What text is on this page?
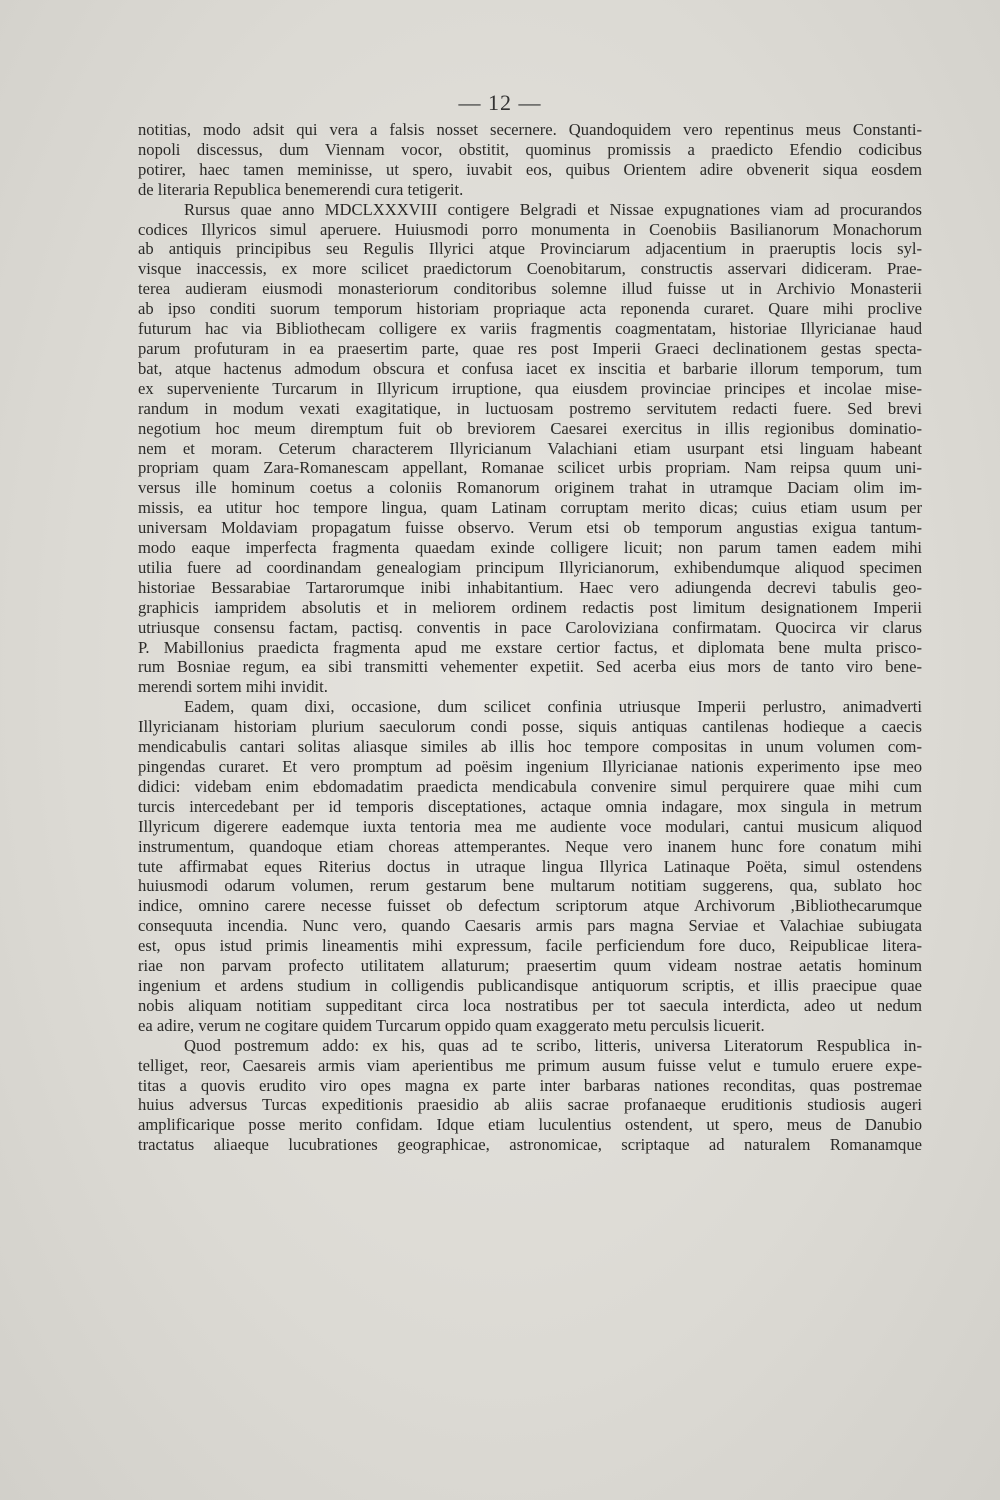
— 12 —
notitias, modo adsit qui vera a falsis nosset secernere. Quandoquidem vero repentinus meus Constanti-
nopoli discessus, dum Viennam vocor, obstitit, quominus promissis a praedicto Efendio codicibus
potirer, haec tamen meminisse, ut spero, iuvabit eos, quibus Orientem adire obvenerit siqua eosdem
de literaria Republica benemerendi cura tetigerit.
Rursus quae anno MDCLXXXVIII contigere Belgradi et Nissae expugnationes viam ad procurandos
codices Illyricos simul aperuere. Huiusmodi porro monumenta in Coenobiis Basilianorum Monachorum
ab antiquis principibus seu Regulis Illyrici atque Provinciarum adjacentium in praeruptis locis syl-
visque inaccessis, ex more scilicet praedictorum Coenobitarum, constructis asservari didiceram. Prae-
terea audieram eiusmodi monasteriorum conditoribus solemne illud fuisse ut in Archivio Monasterii
ab ipso conditi suorum temporum historiam propriaque acta reponenda curaret. Quare mihi proclive
futurum hac via Bibliothecam colligere ex variis fragmentis coagmentatam, historiae Illyricianae haud
parum profuturam in ea praesertim parte, quae res post Imperii Graeci declinationem gestas specta-
bat, atque hactenus admodum obscura et confusa iacet ex inscitia et barbarie illorum temporum, tum
ex superveniente Turcarum in Illyricum irruptione, qua eiusdem provinciae principes et incolae mise-
randum in modum vexati exagitatique, in luctuosam postremo servitutem redacti fuere. Sed brevi
negotium hoc meum diremptum fuit ob breviorem Caesarei exercitus in illis regionibus dominatio-
nem et moram. Ceterum characterem Illyricianum Valachiani etiam usurpant etsi linguam habeant
propriam quam Zara-Romanescam appellant, Romanae scilicet urbis propriam. Nam reipsa quum uni-
versus ille hominum coetus a coloniis Romanorum originem trahat in utramque Daciam olim im-
missis, ea utitur hoc tempore lingua, quam Latinam corruptam merito dicas; cuius etiam usum per
universam Moldaviam propagatum fuisse observo. Verum etsi ob temporum angustias exigua tantum-
modo eaque imperfecta fragmenta quaedam exinde colligere licuit; non parum tamen eadem mihi
utilia fuere ad coordinandam genealogiam principum Illyricianorum, exhibendumque aliquod specimen
historiae Bessarabiae Tartarorumque inibi inhabitantium. Haec vero adiungenda decrevi tabulis geo-
graphicis iampridem absolutis et in meliorem ordinem redactis post limitum designationem Imperii
utriusque consensu factam, pactisq. conventis in pace Caroloviziana confirmatam. Quocirca vir clarus
P. Mabillonius praedicta fragmenta apud me exstare certior factus, et diplomata bene multa prisco-
rum Bosniae regum, ea sibi transmitti vehementer expetiit. Sed acerba eius mors de tanto viro bene-
merendi sortem mihi invidit.
Eadem, quam dixi, occasione, dum scilicet confinia utriusque Imperii perlustro, animadverti
Illyricianam historiam plurium saeculorum condi posse, siquis antiquas cantilenas hodieque a caecis
mendicabulis cantari solitas aliasque similes ab illis hoc tempore compositas in unum volumen com-
pingendas curaret. Et vero promptum ad poësim ingenium Illyricianae nationis experimento ipse meo
didici: videbam enim ebdomadatim praedicta mendicabula convenire simul perquirere quae mihi cum
turcis intercedebant per id temporis disceptationes, actaque omnia indagare, mox singula in metrum
Illyricum digerere eademque iuxta tentoria mea me audiente voce modulari, cantui musicum aliquod
instrumentum, quandoque etiam choreas attemperantes. Neque vero inanem hunc fore conatum mihi
tute affirmabat eques Riterius doctus in utraque lingua Illyrica Latinaque Poëta, simul ostendens
huiusmodi odarum volumen, rerum gestarum bene multarum notitiam suggerens, qua, sublato hoc
indice, omnino carere necesse fuisset ob defectum scriptorum atque Archivorum ,Bibliothecarumque
consequuta incendia. Nunc vero, quando Caesaris armis pars magna Serviae et Valachiae subiugata
est, opus istud primis lineamentis mihi expressum, facile perficiendum fore duco, Reipublicae litera-
riae non parvam profecto utilitatem allaturum; praesertim quum videam nostrae aetatis hominum
ingenium et ardens studium in colligendis publicandisque antiquorum scriptis, et illis praecipue quae
nobis aliquam notitiam suppeditant circa loca nostratibus per tot saecula interdicta, adeo ut nedum
ea adire, verum ne cogitare quidem Turcarum oppido quam exaggerato metu perculsis licuerit.
Quod postremum addo: ex his, quas ad te scribo, litteris, universa Literatorum Respublica in-
telliget, reor, Caesareis armis viam aperientibus me primum ausum fuisse velut e tumulo eruere expe-
titas a quovis erudito viro opes magna ex parte inter barbaras nationes reconditas, quas postremae
huius adversus Turcas expeditionis praesidio ab aliis sacrae profanaeque eruditionis studiosis augeri
amplificarique posse merito confidam. Idque etiam luculentius ostendent, ut spero, meus de Danubio
tractatus aliaeque lucubrationes geographicae, astronomicae, scriptaque ad naturalem Romanamque
